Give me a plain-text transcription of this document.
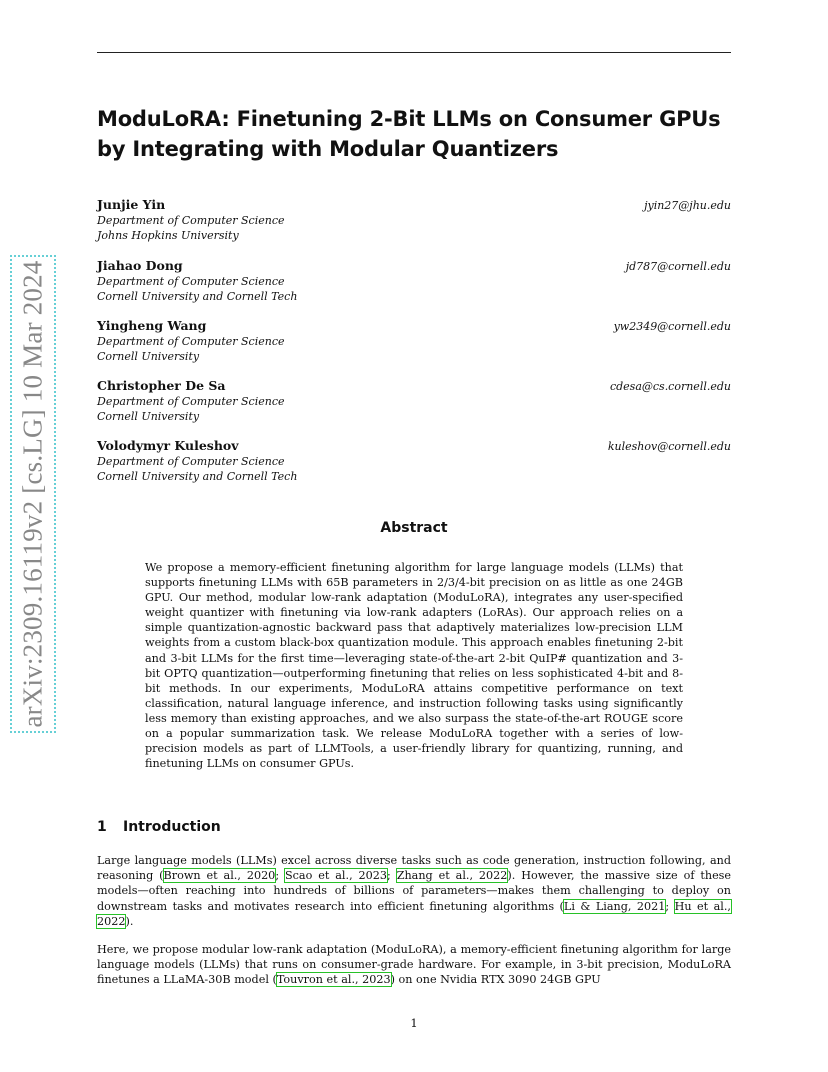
arXiv:2309.16119v2 [cs.LG] 10 Mar 2024
ModuLoRA: Finetuning 2-Bit LLMs on Consumer GPUs by Integrating with Modular Quantizers
Junjie Yin
Department of Computer Science
Johns Hopkins University
jyin27@jhu.edu
Jiahao Dong
Department of Computer Science
Cornell University and Cornell Tech
jd787@cornell.edu
Yingheng Wang
Department of Computer Science
Cornell University
yw2349@cornell.edu
Christopher De Sa
Department of Computer Science
Cornell University
cdesa@cs.cornell.edu
Volodymyr Kuleshov
Department of Computer Science
Cornell University and Cornell Tech
kuleshov@cornell.edu
Abstract
We propose a memory-efficient finetuning algorithm for large language models (LLMs) that supports finetuning LLMs with 65B parameters in 2/3/4-bit precision on as little as one 24GB GPU. Our method, modular low-rank adaptation (ModuLoRA), integrates any user-specified weight quantizer with finetuning via low-rank adapters (LoRAs). Our approach relies on a simple quantization-agnostic backward pass that adaptively materializes low-precision LLM weights from a custom black-box quantization module. This approach enables finetuning 2-bit and 3-bit LLMs for the first time—leveraging state-of-the-art 2-bit QuIP# quantization and 3-bit OPTQ quantization—outperforming finetuning that relies on less sophisticated 4-bit and 8-bit methods. In our experiments, ModuLoRA attains competitive performance on text classification, natural language inference, and instruction following tasks using significantly less memory than existing approaches, and we also surpass the state-of-the-art ROUGE score on a popular summarization task. We release ModuLoRA together with a series of low-precision models as part of LLMTools, a user-friendly library for quantizing, running, and finetuning LLMs on consumer GPUs.
1 Introduction
Large language models (LLMs) excel across diverse tasks such as code generation, instruction following, and reasoning (Brown et al., 2020; Scao et al., 2023; Zhang et al., 2022). However, the massive size of these models—often reaching into hundreds of billions of parameters—makes them challenging to deploy on downstream tasks and motivates research into efficient finetuning algorithms (Li & Liang, 2021; Hu et al., 2022).
Here, we propose modular low-rank adaptation (ModuLoRA), a memory-efficient finetuning algorithm for large language models (LLMs) that runs on consumer-grade hardware. For example, in 3-bit precision, ModuLoRA finetunes a LLaMA-30B model (Touvron et al., 2023) on one Nvidia RTX 3090 24GB GPU
1
